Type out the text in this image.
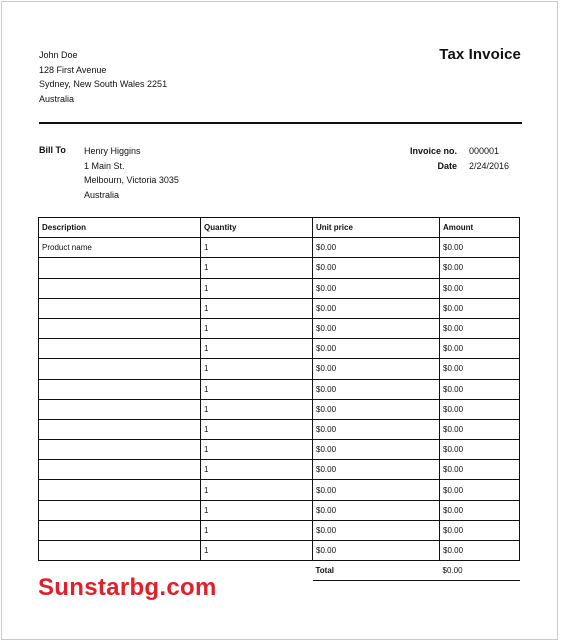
John Doe
128 First Avenue
Sydney, New South Wales 2251
Australia
Tax Invoice
Bill To Henry Higgins
1 Main St.
Melbourn, Victoria 3035
Australia
Invoice no.	000001
Date	2/24/2016
Description	Quantity	Unit price	Amount
Product name	1	$0.00	$0.00
	1	$0.00	$0.00
	1	$0.00	$0.00
	1	$0.00	$0.00
	1	$0.00	$0.00
	1	$0.00	$0.00
	1	$0.00	$0.00
	1	$0.00	$0.00
	1	$0.00	$0.00
	1	$0.00	$0.00
	1	$0.00	$0.00
	1	$0.00	$0.00
	1	$0.00	$0.00
	1	$0.00	$0.00
	1	$0.00	$0.00
	1	$0.00	$0.00
		Total	$0.00
Sunstarbg.com
